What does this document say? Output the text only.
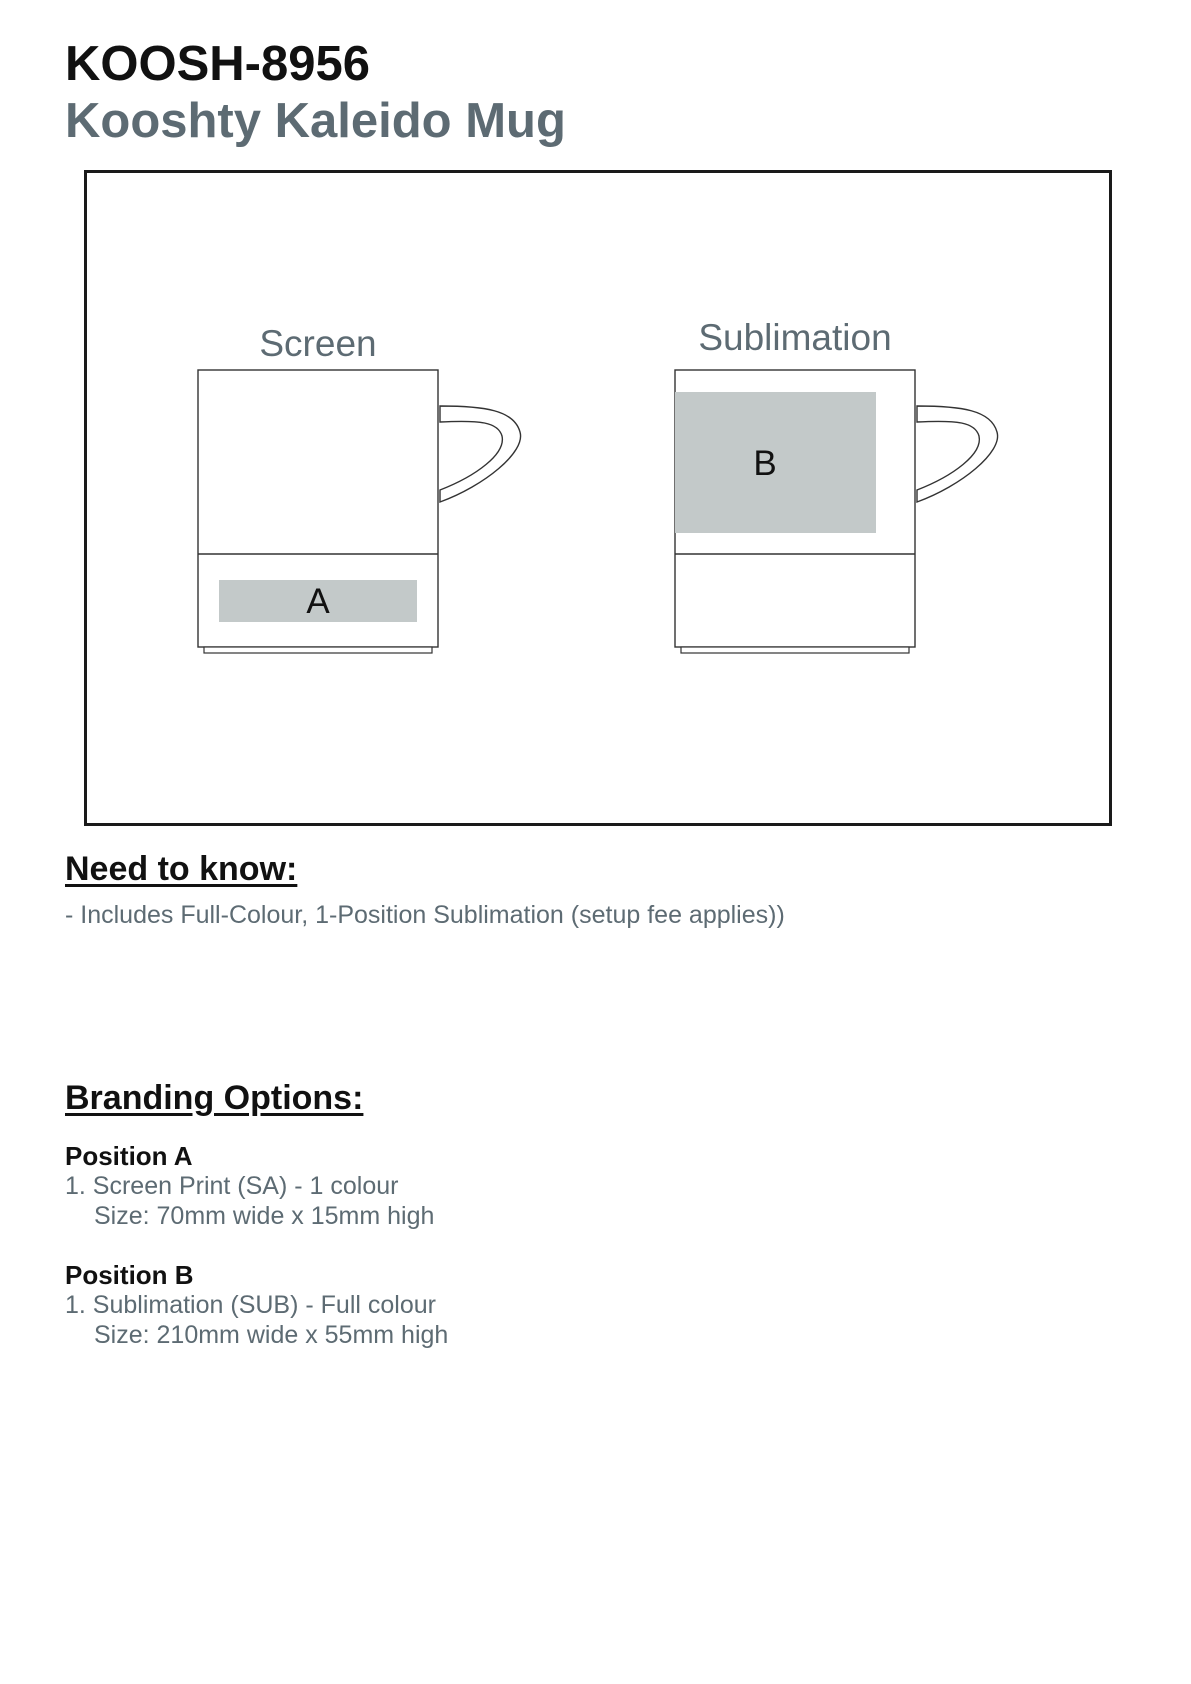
KOOSH-8956
Kooshty Kaleido Mug
Screen
A
Sublimation
B
Need to know:

- Includes Full-Colour, 1-Position Sublimation (setup fee applies))

Branding Options:

Position A

1. Screen Print (SA) - 1 colour

Size: 70mm wide x 15mm high

Position B

1. Sublimation (SUB) - Full colour

Size: 210mm wide x 55mm high
